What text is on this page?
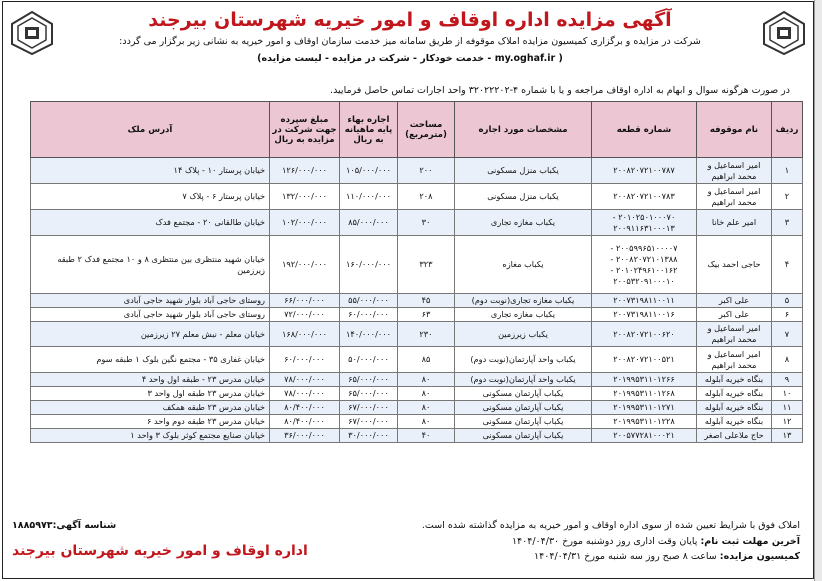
آگهی مزایده اداره اوقاف و امور خیریه شهرستان بیرجند
شرکت در مزایده و برگزاری کمیسیون مزایده املاک موقوفه از طریق سامانه میز خدمت سازمان اوقاف و امور خیریه به نشانی زیر برگزار می گردد:
( my.oghaf.ir - خدمت خودکار - شرکت در مزایده - لیست مزایده)
در صورت هرگونه سوال و ابهام به اداره اوقاف مراجعه و یا با شماره ۴-۳۲۰۲۲۲۰۲ واحد اجارات تماس حاصل فرمایید.
ردیف	نام موقوفه	شماره قطعه	مشخصات مورد اجاره	مساحت (مترمربع)	اجاره بهاء پایه ماهیانه به ریال	مبلغ سپرده جهت شرکت در مزایده به ریال	آدرس ملک
۱	امیر اسماعیل و محمد ابراهیم	۲۰۰۸۲۰۷۲۱۰۰۷۸۷	یکباب منزل مسکونی	۲۰۰	۱۰۵/۰۰۰/۰۰۰	۱۲۶/۰۰۰/۰۰۰	خیابان پرستار ۱۰ - پلاک ۱۴
۲	امیر اسماعیل و محمد ابراهیم	۲۰۰۸۲۰۷۲۱۰۰۷۸۳	یکباب منزل مسکونی	۲۰۸	۱۱۰/۰۰۰/۰۰۰	۱۳۲/۰۰۰/۰۰۰	خیابان پرستار ۶ - پلاک ۷
۳	امیر علم خانا	۲۰۱۰۲۵۰۱۰۰۰۷۰ - ۲۰۰۹۱۱۶۳۱۰۰۰۱۳	یکباب مغازه تجاری	۳۰	۸۵/۰۰۰/۰۰۰	۱۰۲/۰۰۰/۰۰۰	خیابان طالقانی ۲۰ - مجتمع فدک
۴	حاجی احمد بیک	۲۰۰۵۹۹۶۵۱۰۰۰۰۷ - ۲۰۰۸۲۰۷۲۱۰۱۳۸۸ - ۲۰۱۰۲۴۹۶۱۰۰۱۶۲ - ۲۰۰۵۳۲۰۹۱۰۰۰۱۰	یکباب مغازه	۳۲۳	۱۶۰/۰۰۰/۰۰۰	۱۹۲/۰۰۰/۰۰۰	خیابان شهید منتظری بین منتظری ۸ و ۱۰ مجتمع فدک ۲ طبقه زیرزمین
۵	علی اکبر	۲۰۰۷۳۱۹۸۱۱۰۰۱۱	یکباب مغازه تجاری(نوبت دوم)	۴۵	۵۵/۰۰۰/۰۰۰	۶۶/۰۰۰/۰۰۰	روستای حاجی آباد بلوار شهید حاجی آبادی
۶	علی اکبر	۲۰۰۷۳۱۹۸۱۱۰۰۱۶	یکباب مغازه تجاری	۶۳	۶۰/۰۰۰/۰۰۰	۷۲/۰۰۰/۰۰۰	روستای حاجی آباد بلوار شهید حاجی آبادی
۷	امیر اسماعیل و محمد ابراهیم	۲۰۰۸۲۰۷۲۱۰۰۶۲۰	یکباب زیرزمین	۲۳۰	۱۴۰/۰۰۰/۰۰۰	۱۶۸/۰۰۰/۰۰۰	خیابان معلم - نبش معلم ۲۷ زیرزمین
۸	امیر اسماعیل و محمد ابراهیم	۲۰۰۸۲۰۷۲۱۰۰۵۲۱	یکباب واحد آپارتمان(نوبت دوم)	۸۵	۵۰/۰۰۰/۰۰۰	۶۰/۰۰۰/۰۰۰	خیابان غفاری ۳۵ - مجتمع نگین بلوک ۱ طبقه سوم
۹	بنگاه خیریه آبلوله	۲۰۱۹۹۵۳۱۱۰۱۲۶۶	یکباب واحد آپارتمان(نوبت دوم)	۸۰	۶۵/۰۰۰/۰۰۰	۷۸/۰۰۰/۰۰۰	خیابان مدرس ۲۳ - طبقه اول واحد ۴
۱۰	بنگاه خیریه آبلوله	۲۰۱۹۹۵۳۱۱۰۱۲۶۸	یکباب آپارتمان مسکونی	۸۰	۶۵/۰۰۰/۰۰۰	۷۸/۰۰۰/۰۰۰	خیابان مدرس ۲۳ طبقه اول واحد ۳
۱۱	بنگاه خیریه آبلوله	۲۰۱۹۹۵۳۱۱۰۱۲۷۱	یکباب آپارتمان مسکونی	۸۰	۶۷/۰۰۰/۰۰۰	۸۰/۴۰۰/۰۰۰	خیابان مدرس ۲۳ طبقه همکف
۱۲	بنگاه خیریه آبلوله	۲۰۱۹۹۵۳۱۱۰۱۲۲۸	یکباب آپارتمان مسکونی	۸۰	۶۷/۰۰۰/۰۰۰	۸۰/۴۰۰/۰۰۰	خیابان مدرس ۲۳ طبقه دوم واحد ۶
۱۳	حاج ملاعلی اصغر	۲۰۰۵۷۷۲۸۱۰۰۰۲۱	یکباب آپارتمان مسکونی	۴۰	۳۰/۰۰۰/۰۰۰	۳۶/۰۰۰/۰۰۰	خیابان صنایع مجتمع کوثر بلوک ۳ واحد ۱
املاک فوق با شرایط تعیین شده از سوی اداره اوقاف و امور خیریه به مزایده گذاشته شده است.
آخرین مهلت ثبت نام: پایان وقت اداری روز دوشنبه مورخ ۱۴۰۴/۰۴/۳۰
کمیسیون مزایده: ساعت ۸ صبح روز سه شنبه مورخ ۱۴۰۴/۰۴/۳۱
شناسه آگهی:۱۸۸۵۹۷۳
اداره اوقاف و امور خیریه شهرستان بیرجند
